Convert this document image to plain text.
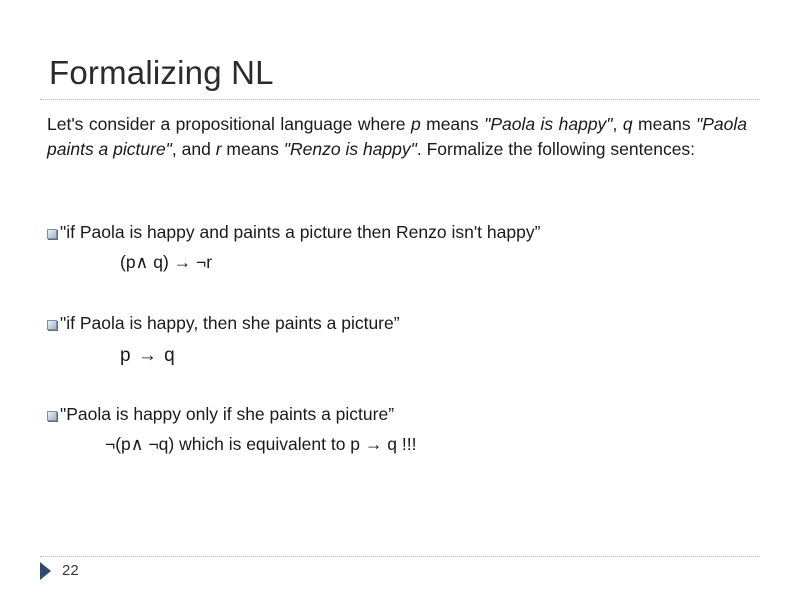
Formalizing NL
Let's consider a propositional language where p means "Paola is happy", q means "Paola paints a picture", and r means "Renzo is happy". Formalize the following sentences:
"if Paola is happy and paints a picture then Renzo isn't happy”
(p∧ q) → ¬r
"if Paola is happy, then she paints a picture”
p → q
"Paola is happy only if she paints a picture”
¬(p∧ ¬q) which is equivalent to p → q !!!
22
